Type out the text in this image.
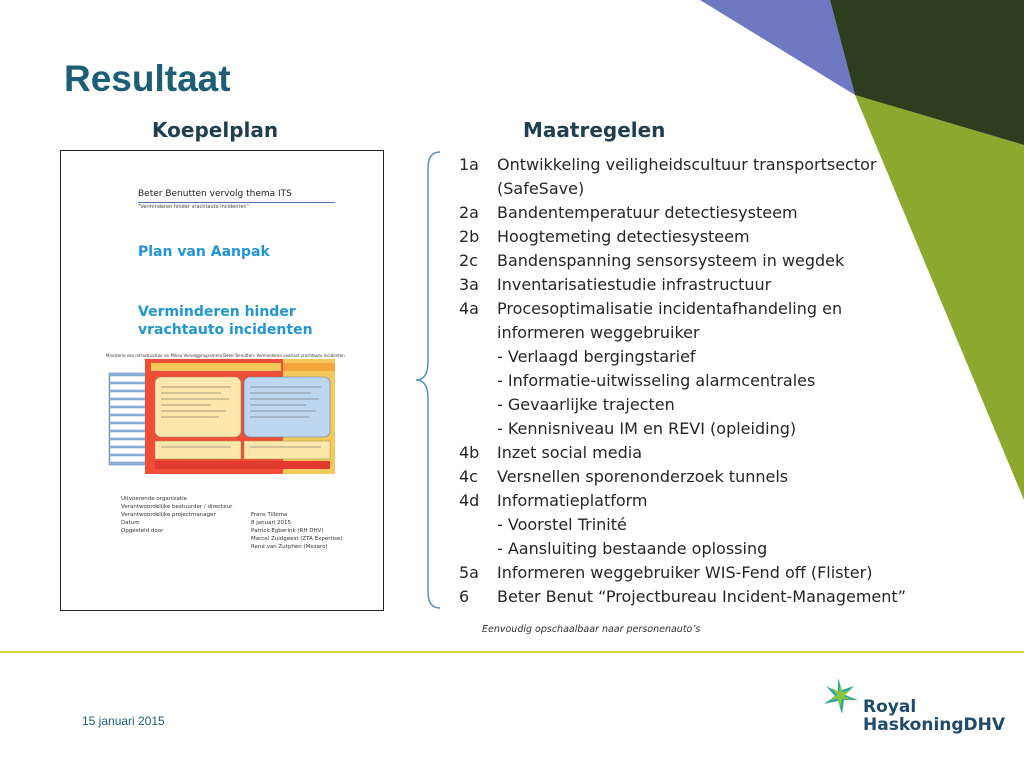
Resultaat
Koepelplan	Maatregelen
Beter Benutten vervolg thema ITS
"Verminderen hinder vrachtauto incidenten"
Plan van Aanpak
Verminderen hinder
vrachtauto incidenten
Ministerie van Infrastructuur en Milieu Vervolgprogramma Beter Benutten: Verminderen overlast vrachtauto incidenten
Uitvoerende organisatie
Verantwoordelijke bestuurder / directeur
Verantwoordelijke projectmanager	Frans Tillema
Datum	8 januari 2015
Opgesteld door	Patrick Egberink (RH DHV)
Marcel Zuidgeest (ZTA Expertise)
René van Zutphen (Mezaro)
1a	Ontwikkeling veiligheidscultuur transportsector
(SafeSave)
2a	Bandentemperatuur detectiesysteem
2b	Hoogtemeting detectiesysteem
2c	Bandenspanning sensorsysteem in wegdek
3a	Inventarisatiestudie infrastructuur
4a	Procesoptimalisatie incidentafhandeling en
informeren weggebruiker
- Verlaagd bergingstarief
- Informatie-uitwisseling alarmcentrales
- Gevaarlijke trajecten
- Kennisniveau IM en REVI (opleiding)
4b	Inzet social media
4c	Versnellen sporenonderzoek tunnels
4d	Informatieplatform
- Voorstel Trinité
- Aansluiting bestaande oplossing
5a	Informeren weggebruiker WIS-Fend off (Flister)
6	Beter Benut “Projectbureau Incident-Management”
Eenvoudig opschaalbaar naar personenauto’s
15 januari 2015
Royal
HaskoningDHV
